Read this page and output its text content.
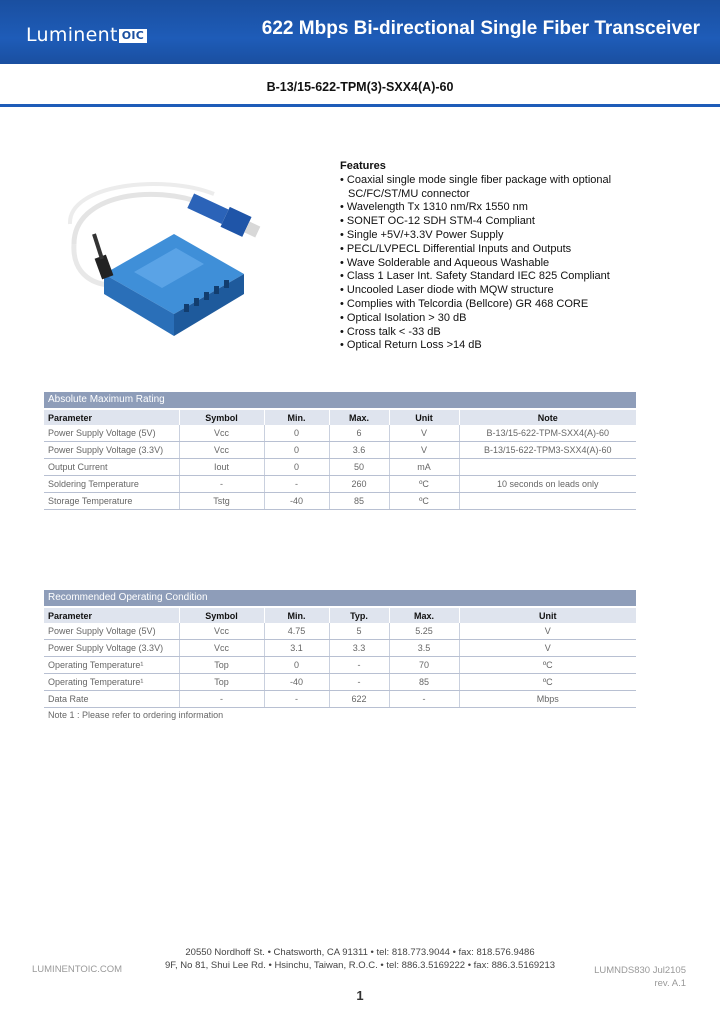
Luminent OIC	622 Mbps Bi-directional Single Fiber Transceiver
B-13/15-622-TPM(3)-SXX4(A)-60
Features
• Coaxial single mode single fiber package with optional SC/FC/ST/MU connector
• Wavelength Tx 1310 nm/Rx 1550 nm
• SONET OC-12 SDH STM-4 Compliant
• Single +5V/+3.3V Power Supply
• PECL/LVPECL Differential Inputs and Outputs
• Wave Solderable and Aqueous Washable
• Class 1 Laser Int. Safety Standard IEC 825 Compliant
• Uncooled Laser diode with MQW structure
• Complies with Telcordia (Bellcore) GR 468 CORE
• Optical Isolation > 30 dB
• Cross talk < -33 dB
• Optical Return Loss >14 dB
Absolute Maximum Rating
Parameter	Symbol	Min.	Max.	Unit	Note
Power Supply Voltage (5V)	Vcc	0	6	V	B-13/15-622-TPM-SXX4(A)-60
Power Supply Voltage (3.3V)	Vcc	0	3.6	V	B-13/15-622-TPM3-SXX4(A)-60
Output Current	Iout	0	50	mA	
Soldering Temperature	-	-	260	ºC	10 seconds on leads only
Storage Temperature	Tstg	-40	85	ºC	
Recommended Operating Condition
Parameter	Symbol	Min.	Typ.	Max.	Unit
Power Supply Voltage (5V)	Vcc	4.75	5	5.25	V
Power Supply Voltage (3.3V)	Vcc	3.1	3.3	3.5	V
Operating Temperature¹	Top	0	-	70	ºC
Operating Temperature¹	Top	-40	-	85	ºC
Data Rate	-	-	622	-	Mbps
Note 1 : Please refer to ordering information
LUMINENTOIC.COM
20550 Nordhoff St. • Chatsworth, CA 91311 • tel: 818.773.9044 • fax: 818.576.9486
9F, No 81, Shui Lee Rd. • Hsinchu, Taiwan, R.O.C. • tel: 886.3.5169222 • fax: 886.3.5169213	LUMNDS830 Jul2105
rev. A.1
1
